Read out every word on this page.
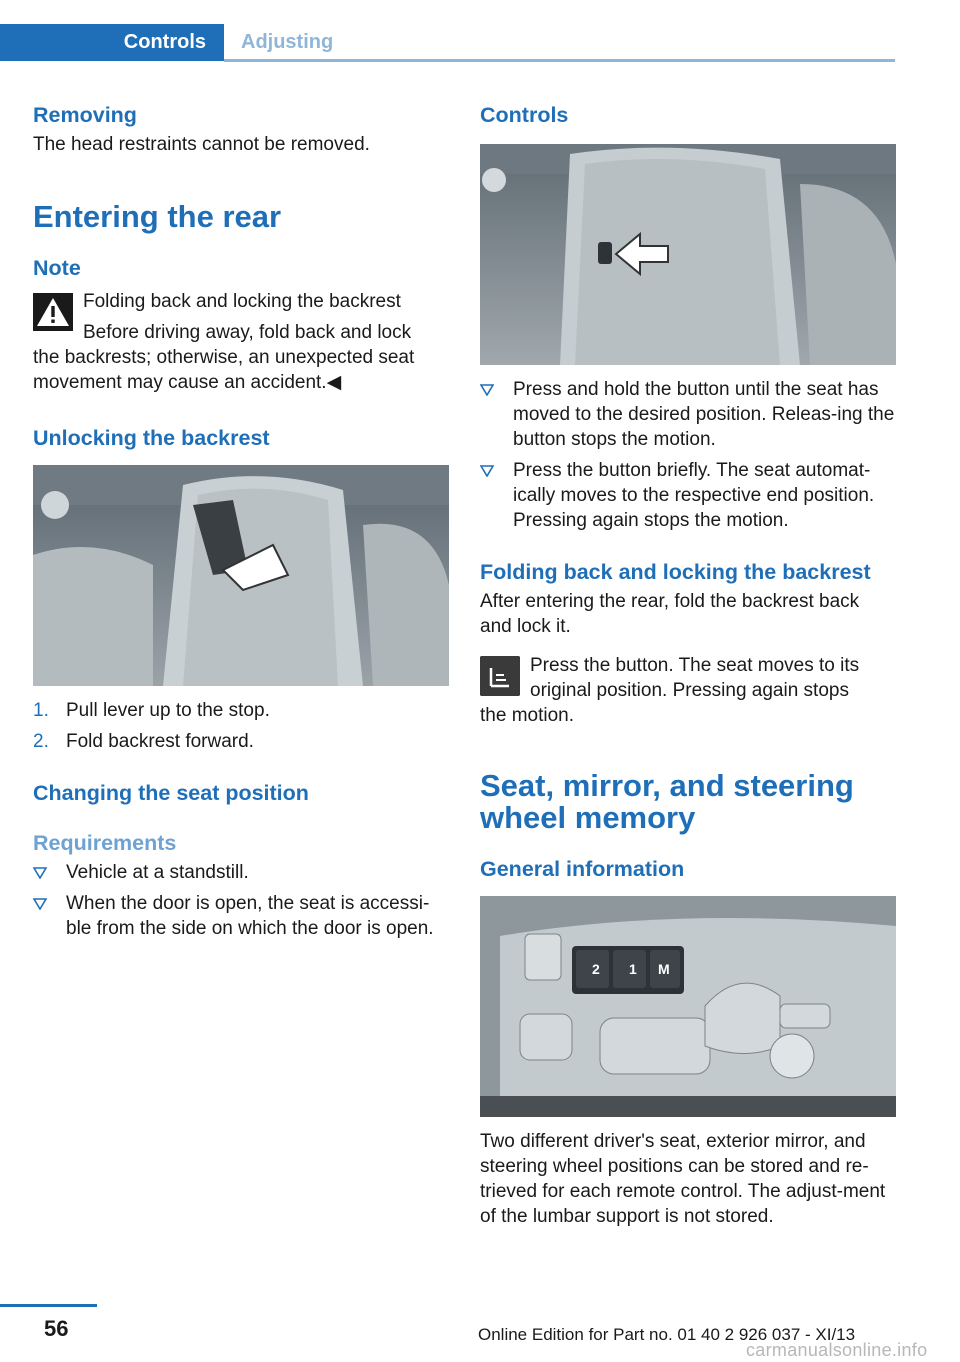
Controls	Adjusting
Removing

The head restraints cannot be removed.

Entering the rear
Note

Folding back and locking the backrest

Before driving away, fold back and lock

the backrests; otherwise, an unexpected seat movement may cause an accident.◀

Unlocking the backrest
1. Pull lever up to the stop.
2. Fold backrest forward.
Changing the seat position
Requirements
Vehicle at a standstill.
When the door is open, the seat is accessi-ble from the side on which the door is open.
Controls
Press and hold the button until the seat has moved to the desired position. Releas-ing the button stops the motion.
Press the button briefly. The seat automat-ically moves to the respective end position. Pressing again stops the motion.
Folding back and locking the backrest

After entering the rear, fold the backrest back and lock it.

Press the button. The seat moves to its original position. Pressing again stops

the motion.

Seat, mirror, and steering wheel memory
General information
2 1 M

Two different driver's seat, exterior mirror, and steering wheel positions can be stored and re-trieved for each remote control. The adjust-ment of the lumbar support is not stored.

56	Online Edition for Part no. 01 40 2 926 037 - XI/13
carmanualsonline.info
